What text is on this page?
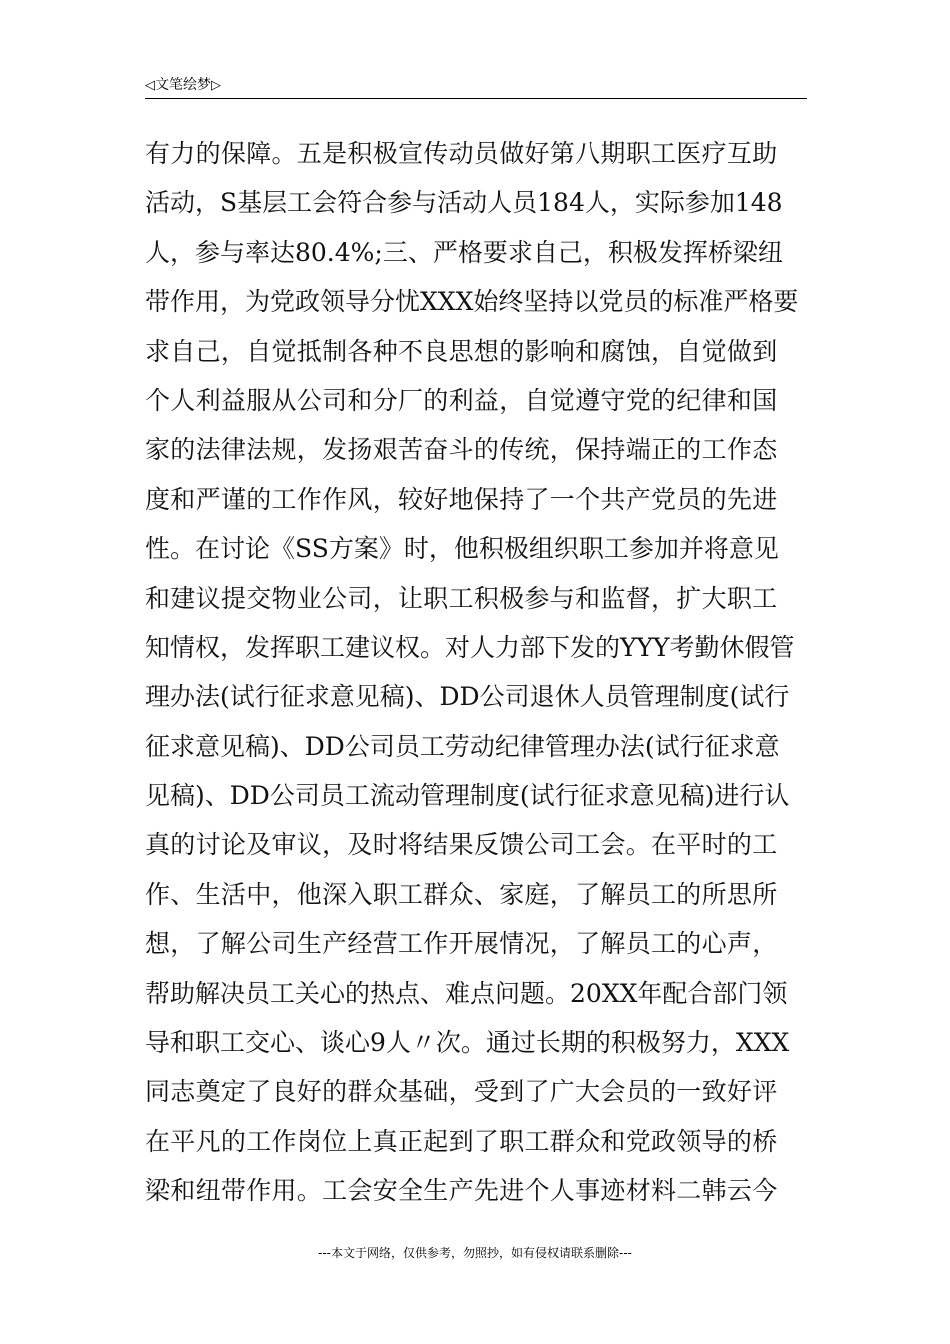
◁文笔绘梦▷
有力的保障。五是积极宣传动员做好第八期职工医疗互助
活动，S基层工会符合参与活动人员184人，实际参加148
人，参与率达80.4%;三、严格要求自己，积极发挥桥梁纽
带作用，为党政领导分忧XXX始终坚持以党员的标准严格要
求自己，自觉抵制各种不良思想的影响和腐蚀，自觉做到
个人利益服从公司和分厂的利益，自觉遵守党的纪律和国
家的法律法规，发扬艰苦奋斗的传统，保持端正的工作态
度和严谨的工作作风，较好地保持了一个共产党员的先进
性。在讨论《SS方案》时，他积极组织职工参加并将意见
和建议提交物业公司，让职工积极参与和监督，扩大职工
知情权，发挥职工建议权。对人力部下发的YYY考勤休假管
理办法(试行征求意见稿)、DD公司退休人员管理制度(试行
征求意见稿)、DD公司员工劳动纪律管理办法(试行征求意
见稿)、DD公司员工流动管理制度(试行征求意见稿)进行认
真的讨论及审议，及时将结果反馈公司工会。在平时的工
作、生活中，他深入职工群众、家庭，了解员工的所思所
想，了解公司生产经营工作开展情况，了解员工的心声，
帮助解决员工关心的热点、难点问题。20XX年配合部门领
导和职工交心、谈心9人〃次。通过长期的积极努力，XXX
同志奠定了良好的群众基础，受到了广大会员的一致好评
在平凡的工作岗位上真正起到了职工群众和党政领导的桥
梁和纽带作用。工会安全生产先进个人事迹材料二韩云今
---本文于网络，仅供参考，勿照抄，如有侵权请联系删除---
